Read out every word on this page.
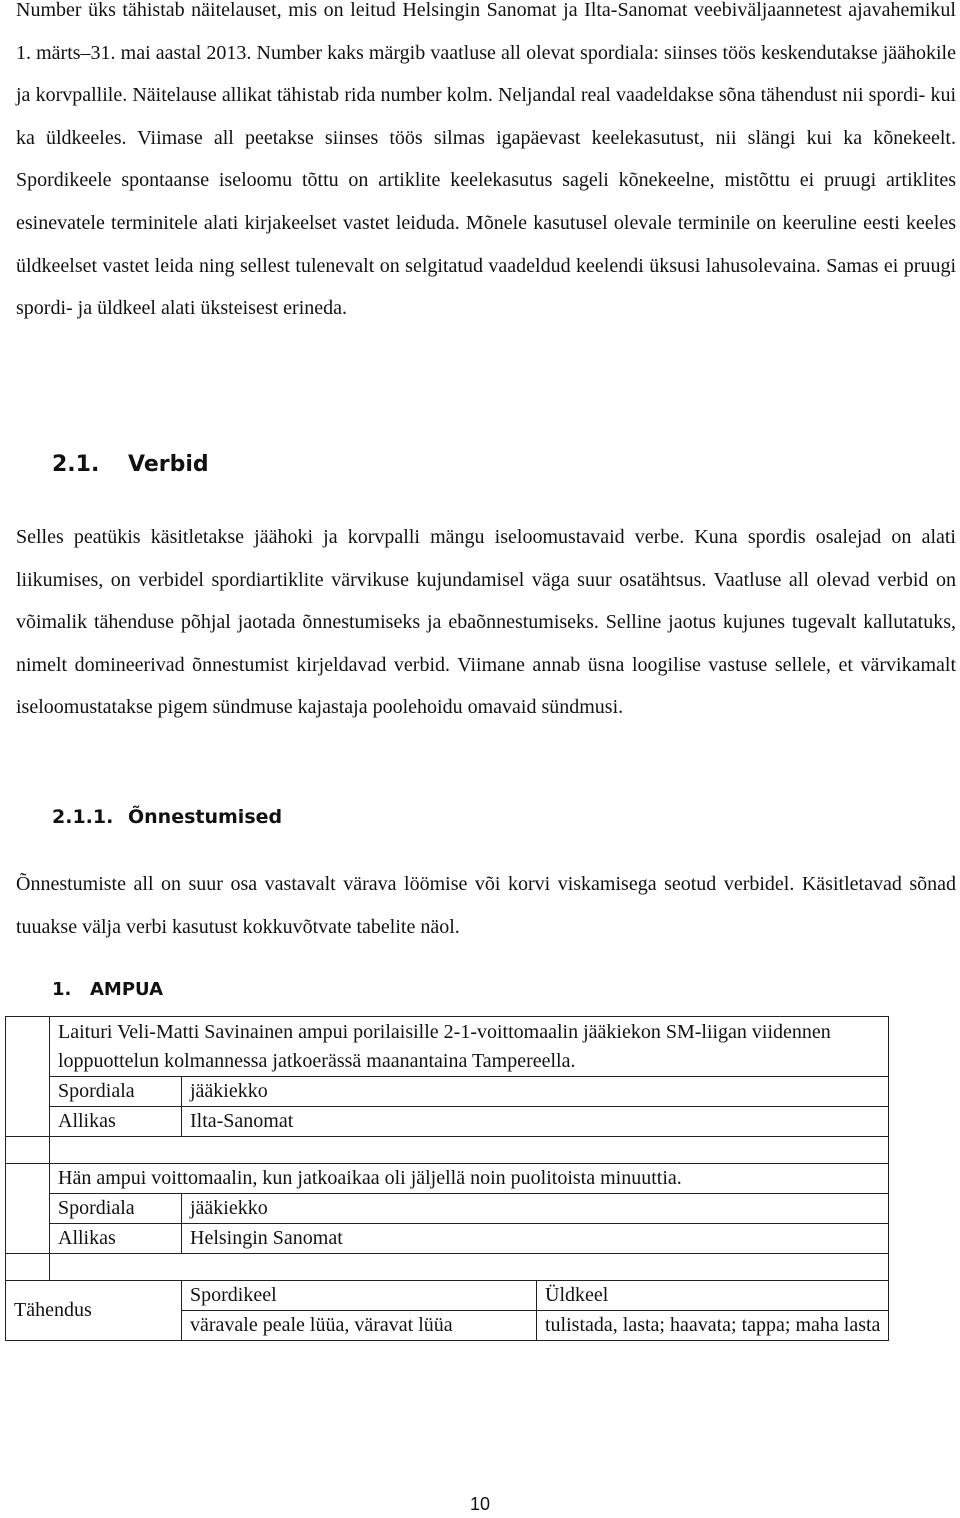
Number üks tähistab näitelauset, mis on leitud Helsingin Sanomat ja Ilta-Sanomat veebiväljaannetest ajavahemikul 1. märts–31. mai aastal 2013. Number kaks märgib vaatluse all olevat spordiala: siinses töös keskendutakse jäähokile ja korvpallile. Näitelause allikat tähistab rida number kolm. Neljandal real vaadeldakse sõna tähendust nii spordi- kui ka üldkeeles. Viimase all peetakse siinses töös silmas igapäevast keelekasutust, nii slängi kui ka kõnekeelt. Spordikeele spontaanse iseloomu tõttu on artiklite keelekasutus sageli kõnekeelne, mistõttu ei pruugi artiklites esinevatele terminitele alati kirjakeelset vastet leiduda. Mõnele kasutusel olevale terminile on keeruline eesti keeles üldkeelset vastet leida ning sellest tulenevalt on selgitatud vaadeldud keelendi üksusi lahusolevaina. Samas ei pruugi spordi- ja üldkeel alati üksteisest erineda.

2.1. Verbid

Selles peatükis käsitletakse jäähoki ja korvpalli mängu iseloomustavaid verbe. Kuna spordis osalejad on alati liikumises, on verbidel spordiartiklite värvikuse kujundamisel väga suur osatähtsus. Vaatluse all olevad verbid on võimalik tähenduse põhjal jaotada õnnestumiseks ja ebaõnnestumiseks. Selline jaotus kujunes tugevalt kallutatuks, nimelt domineerivad õnnestumist kirjeldavad verbid. Viimane annab üsna loogilise vastuse sellele, et värvikamalt iseloomustatakse pigem sündmuse kajastaja poolehoidu omavaid sündmusi.

2.1.1. Õnnestumised

Õnnestumiste all on suur osa vastavalt värava löömise või korvi viskamisega seotud verbidel. Käsitletavad sõnad tuuakse välja verbi kasutust kokkuvõtvate tabelite näol.

1. AMPUA
	Laituri Veli-Matti Savinainen ampui porilaisille 2-1-voittomaalin jääkiekon SM-liigan viidennen loppuottelun kolmannessa jatkoerässä maanantaina Tampereella.		
	Spordiala	jääkiekko	
	Allikas	Ilta-Sanomat	

	Hän ampui voittomaalin, kun jatkoaikaa oli jäljellä noin puolitoista minuuttia.		
	Spordiala	jääkiekko	
	Allikas	Helsingin Sanomat	

Tähendus		Spordikeel	Üldkeel
		väravale peale lüüa, väravat lüüa	tulistada, lasta; haavata; tappa; maha lasta
10
